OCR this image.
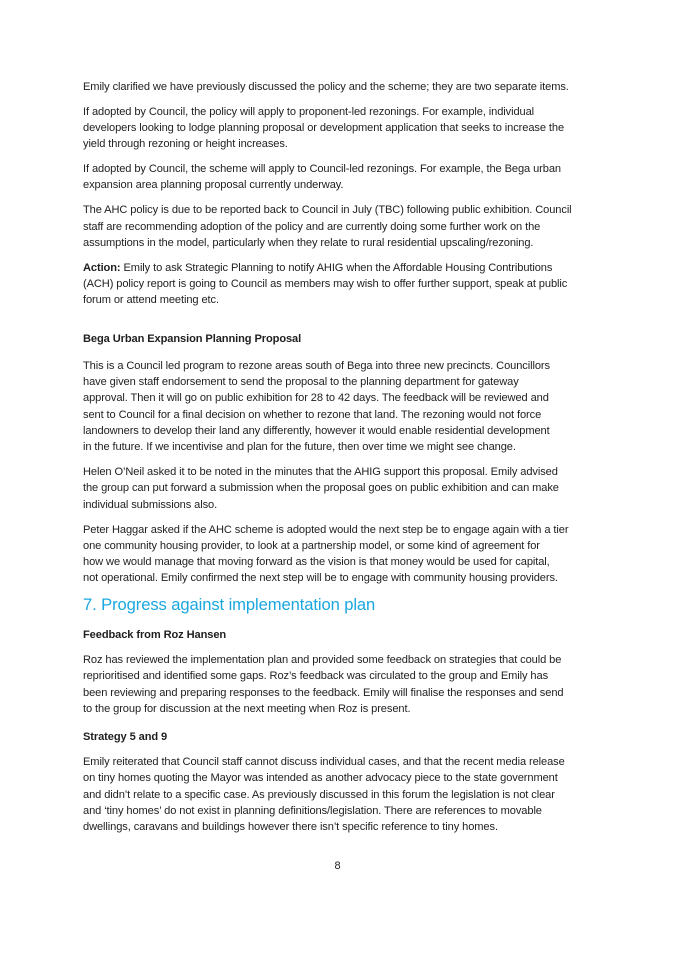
Emily clarified we have previously discussed the policy and the scheme; they are two separate items.

If adopted by Council, the policy will apply to proponent-led rezonings. For example, individual
developers looking to lodge planning proposal or development application that seeks to increase the
yield through rezoning or height increases.

If adopted by Council, the scheme will apply to Council-led rezonings. For example, the Bega urban
expansion area planning proposal currently underway.

The AHC policy is due to be reported back to Council in July (TBC) following public exhibition. Council
staff are recommending adoption of the policy and are currently doing some further work on the
assumptions in the model, particularly when they relate to rural residential upscaling/rezoning.

Action: Emily to ask Strategic Planning to notify AHIG when the Affordable Housing Contributions
(ACH) policy report is going to Council as members may wish to offer further support, speak at public
forum or attend meeting etc.

Bega Urban Expansion Planning Proposal

This is a Council led program to rezone areas south of Bega into three new precincts. Councillors
have given staff endorsement to send the proposal to the planning department for gateway
approval. Then it will go on public exhibition for 28 to 42 days. The feedback will be reviewed and
sent to Council for a final decision on whether to rezone that land. The rezoning would not force
landowners to develop their land any differently, however it would enable residential development
in the future. If we incentivise and plan for the future, then over time we might see change.

Helen O’Neil asked it to be noted in the minutes that the AHIG support this proposal. Emily advised
the group can put forward a submission when the proposal goes on public exhibition and can make
individual submissions also.

Peter Haggar asked if the AHC scheme is adopted would the next step be to engage again with a tier
one community housing provider, to look at a partnership model, or some kind of agreement for
how we would manage that moving forward as the vision is that money would be used for capital,
not operational. Emily confirmed the next step will be to engage with community housing providers.

7. Progress against implementation plan

Feedback from Roz Hansen

Roz has reviewed the implementation plan and provided some feedback on strategies that could be
reprioritised and identified some gaps. Roz’s feedback was circulated to the group and Emily has
been reviewing and preparing responses to the feedback. Emily will finalise the responses and send
to the group for discussion at the next meeting when Roz is present.

Strategy 5 and 9

Emily reiterated that Council staff cannot discuss individual cases, and that the recent media release
on tiny homes quoting the Mayor was intended as another advocacy piece to the state government
and didn’t relate to a specific case. As previously discussed in this forum the legislation is not clear
and ‘tiny homes’ do not exist in planning definitions/legislation. There are references to movable
dwellings, caravans and buildings however there isn’t specific reference to tiny homes.

8
